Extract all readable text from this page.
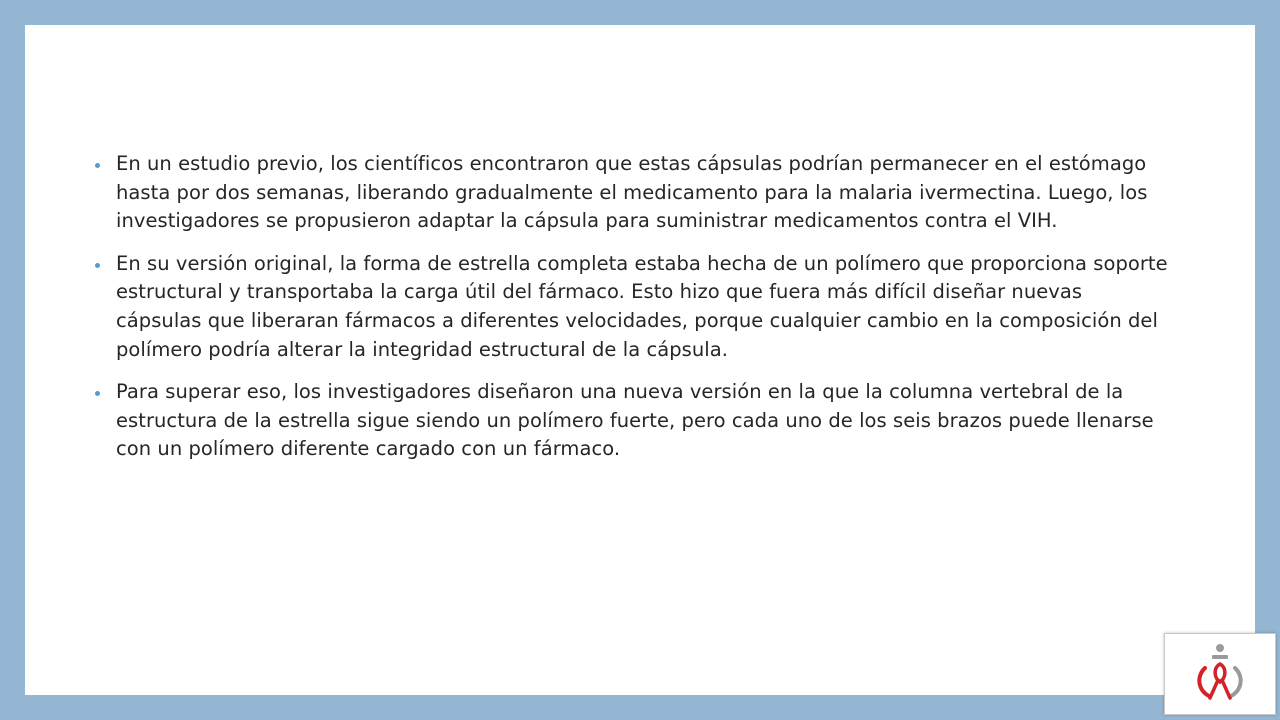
En un estudio previo, los científicos encontraron que estas cápsulas podrían permanecer en el estómago hasta por dos semanas, liberando gradualmente el medicamento para la malaria ivermectina. Luego, los investigadores se propusieron adaptar la cápsula para suministrar medicamentos contra el VIH.
En su versión original, la forma de estrella completa estaba hecha de un polímero que proporciona soporte estructural y transportaba la carga útil del fármaco. Esto hizo que fuera más difícil diseñar nuevas cápsulas que liberaran fármacos a diferentes velocidades, porque cualquier cambio en la composición del polímero podría alterar la integridad estructural de la cápsula.
Para superar eso, los investigadores diseñaron una nueva versión en la que la columna vertebral de la estructura de la estrella sigue siendo un polímero fuerte, pero cada uno de los seis brazos puede llenarse con un polímero diferente cargado con un fármaco.
